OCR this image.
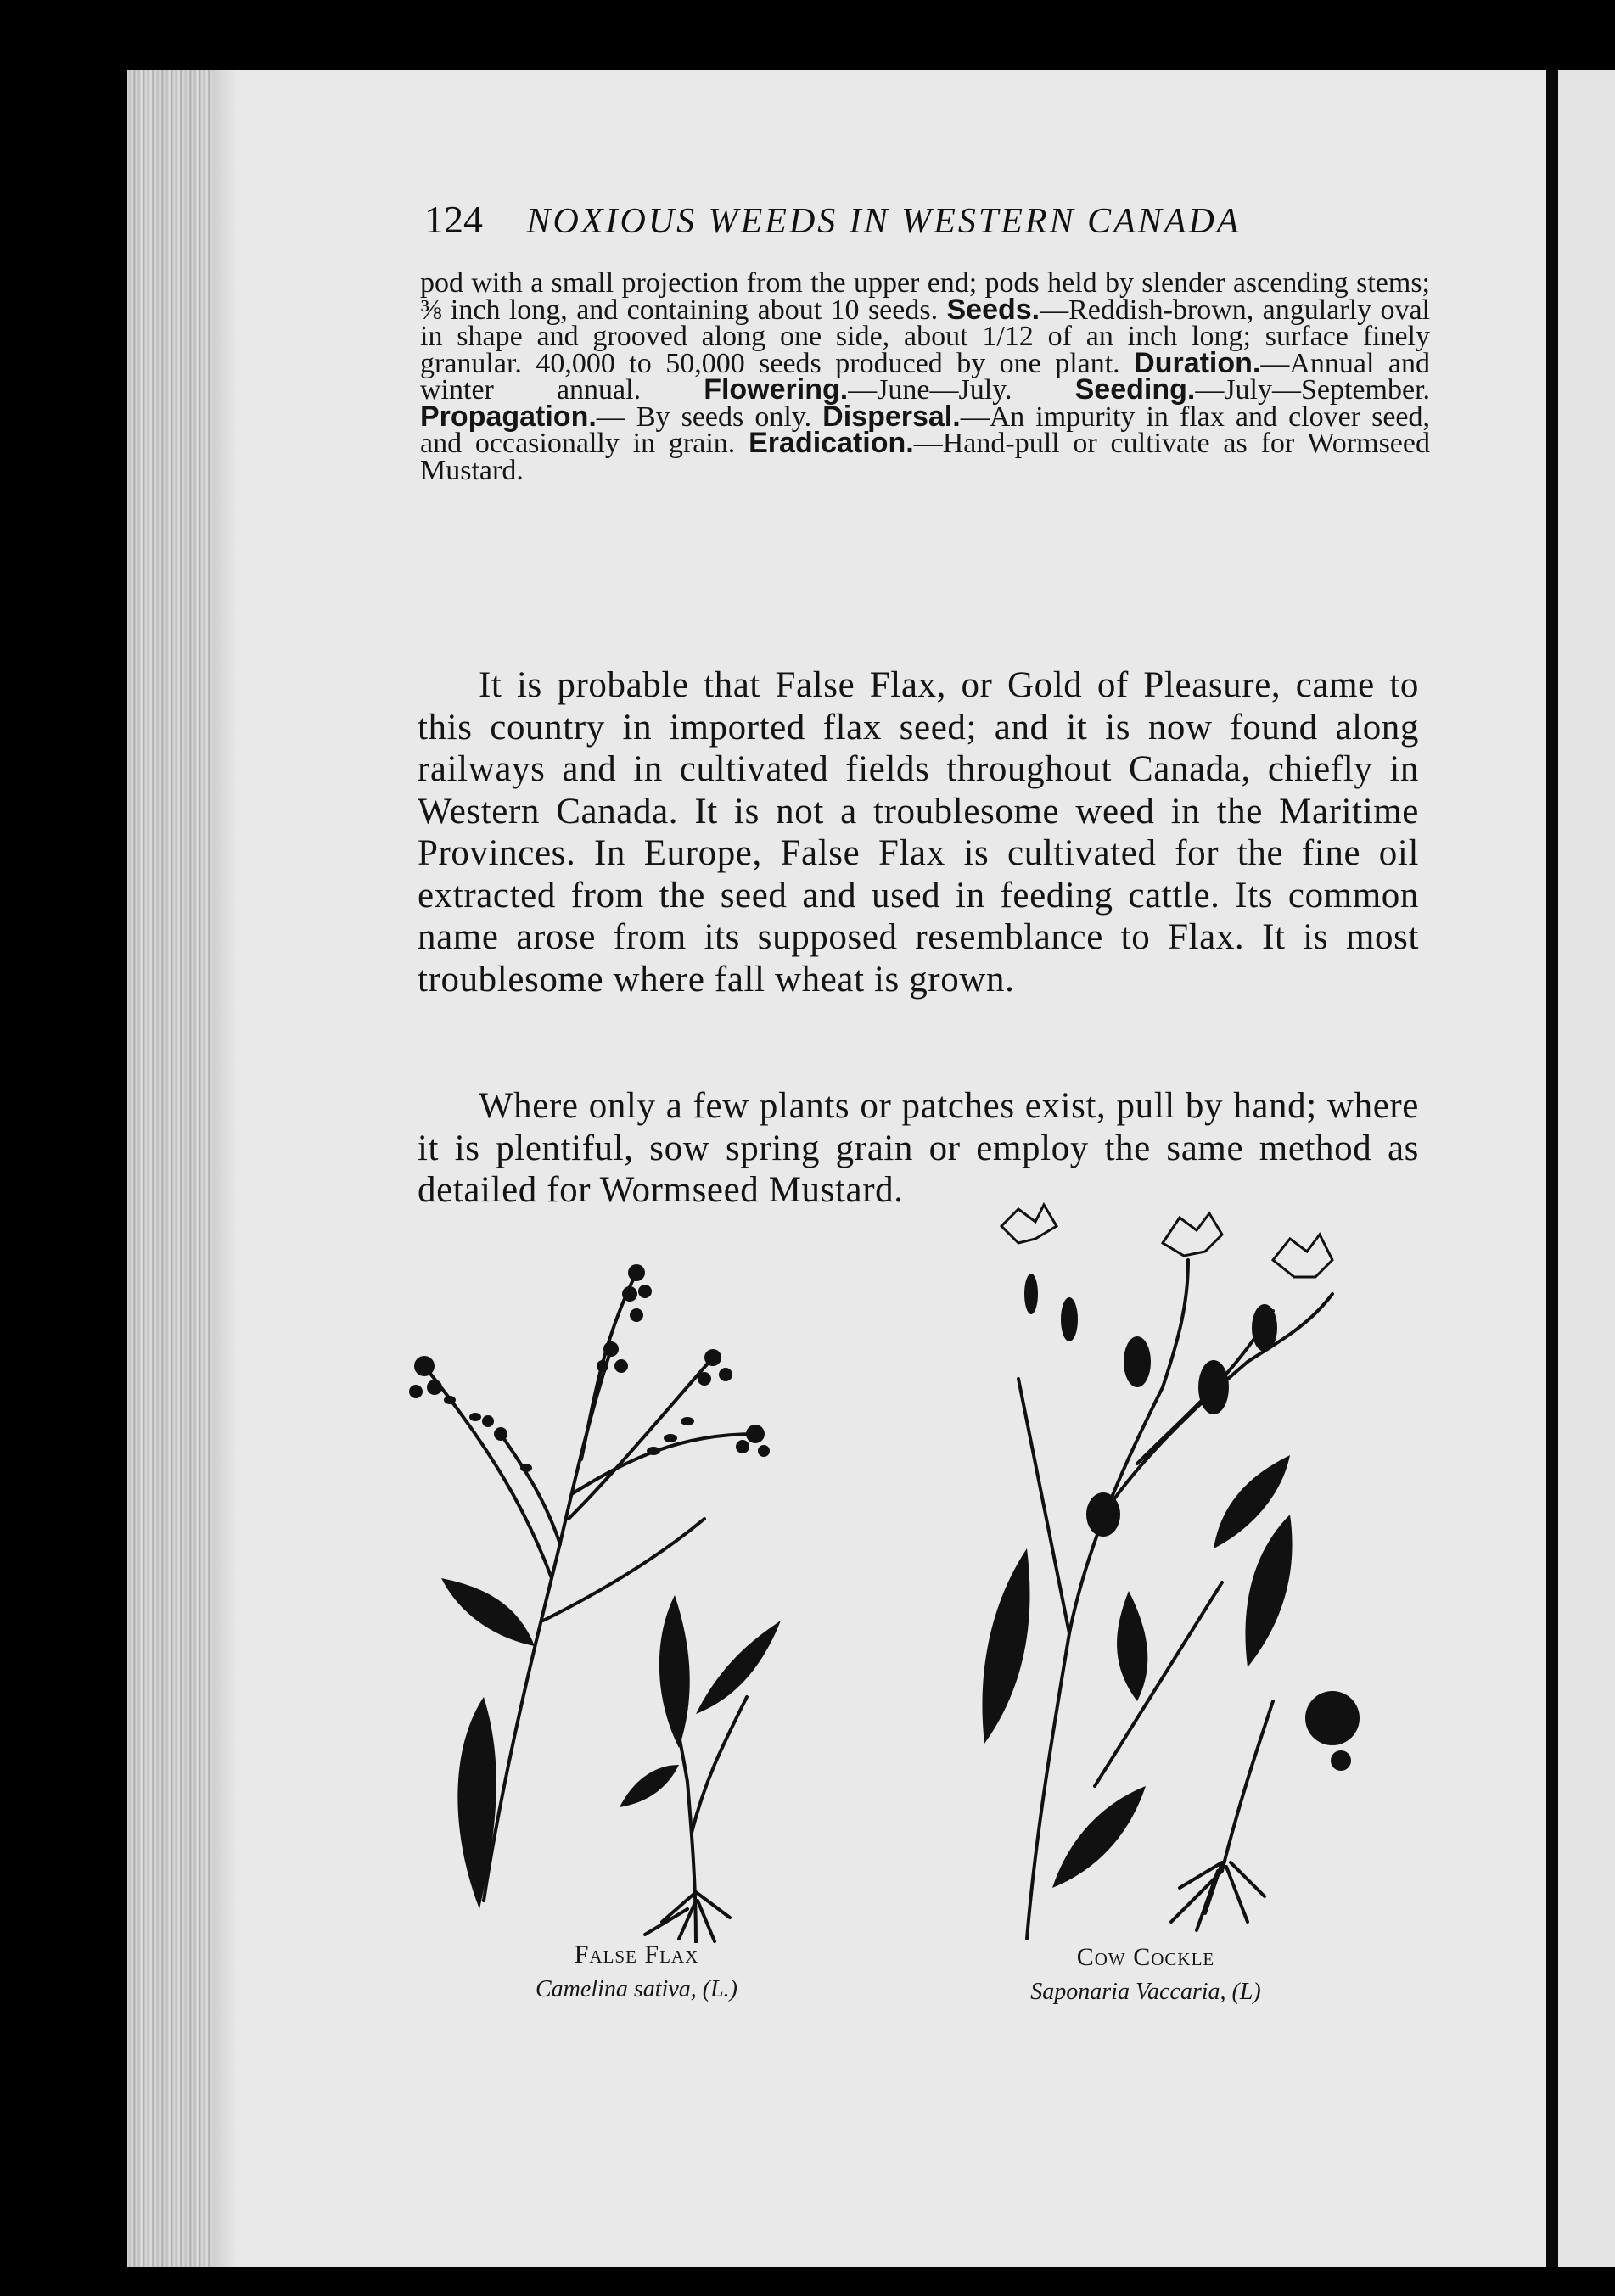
124 NOXIOUS WEEDS IN WESTERN CANADA
pod with a small projection from the upper end; pods held by slender ascending stems; ⅜ inch long, and containing about 10 seeds. Seeds.—Reddish-brown, angularly oval in shape and grooved along one side, about 1/12 of an inch long; surface finely granular. 40,000 to 50,000 seeds produced by one plant. Duration.—Annual and winter annual. Flowering.—June—July. Seeding.—July—September. Propagation.— By seeds only. Dispersal.—An impurity in flax and clover seed, and occasionally in grain. Eradication.—Hand-pull or cultivate as for Wormseed Mustard.

It is probable that False Flax, or Gold of Pleasure, came to this country in imported flax seed; and it is now found along railways and in cultivated fields throughout Canada, chiefly in Western Canada. It is not a troublesome weed in the Maritime Provinces. In Europe, False Flax is cultivated for the fine oil extracted from the seed and used in feeding cattle. Its common name arose from its supposed resemblance to Flax. It is most troublesome where fall wheat is grown.

Where only a few plants or patches exist, pull by hand; where it is plentiful, sow spring grain or employ the same method as detailed for Wormseed Mustard.

False Flax
Camelina sativa, (L.)
Cow Cockle
Saponaria Vaccaria, (L)
